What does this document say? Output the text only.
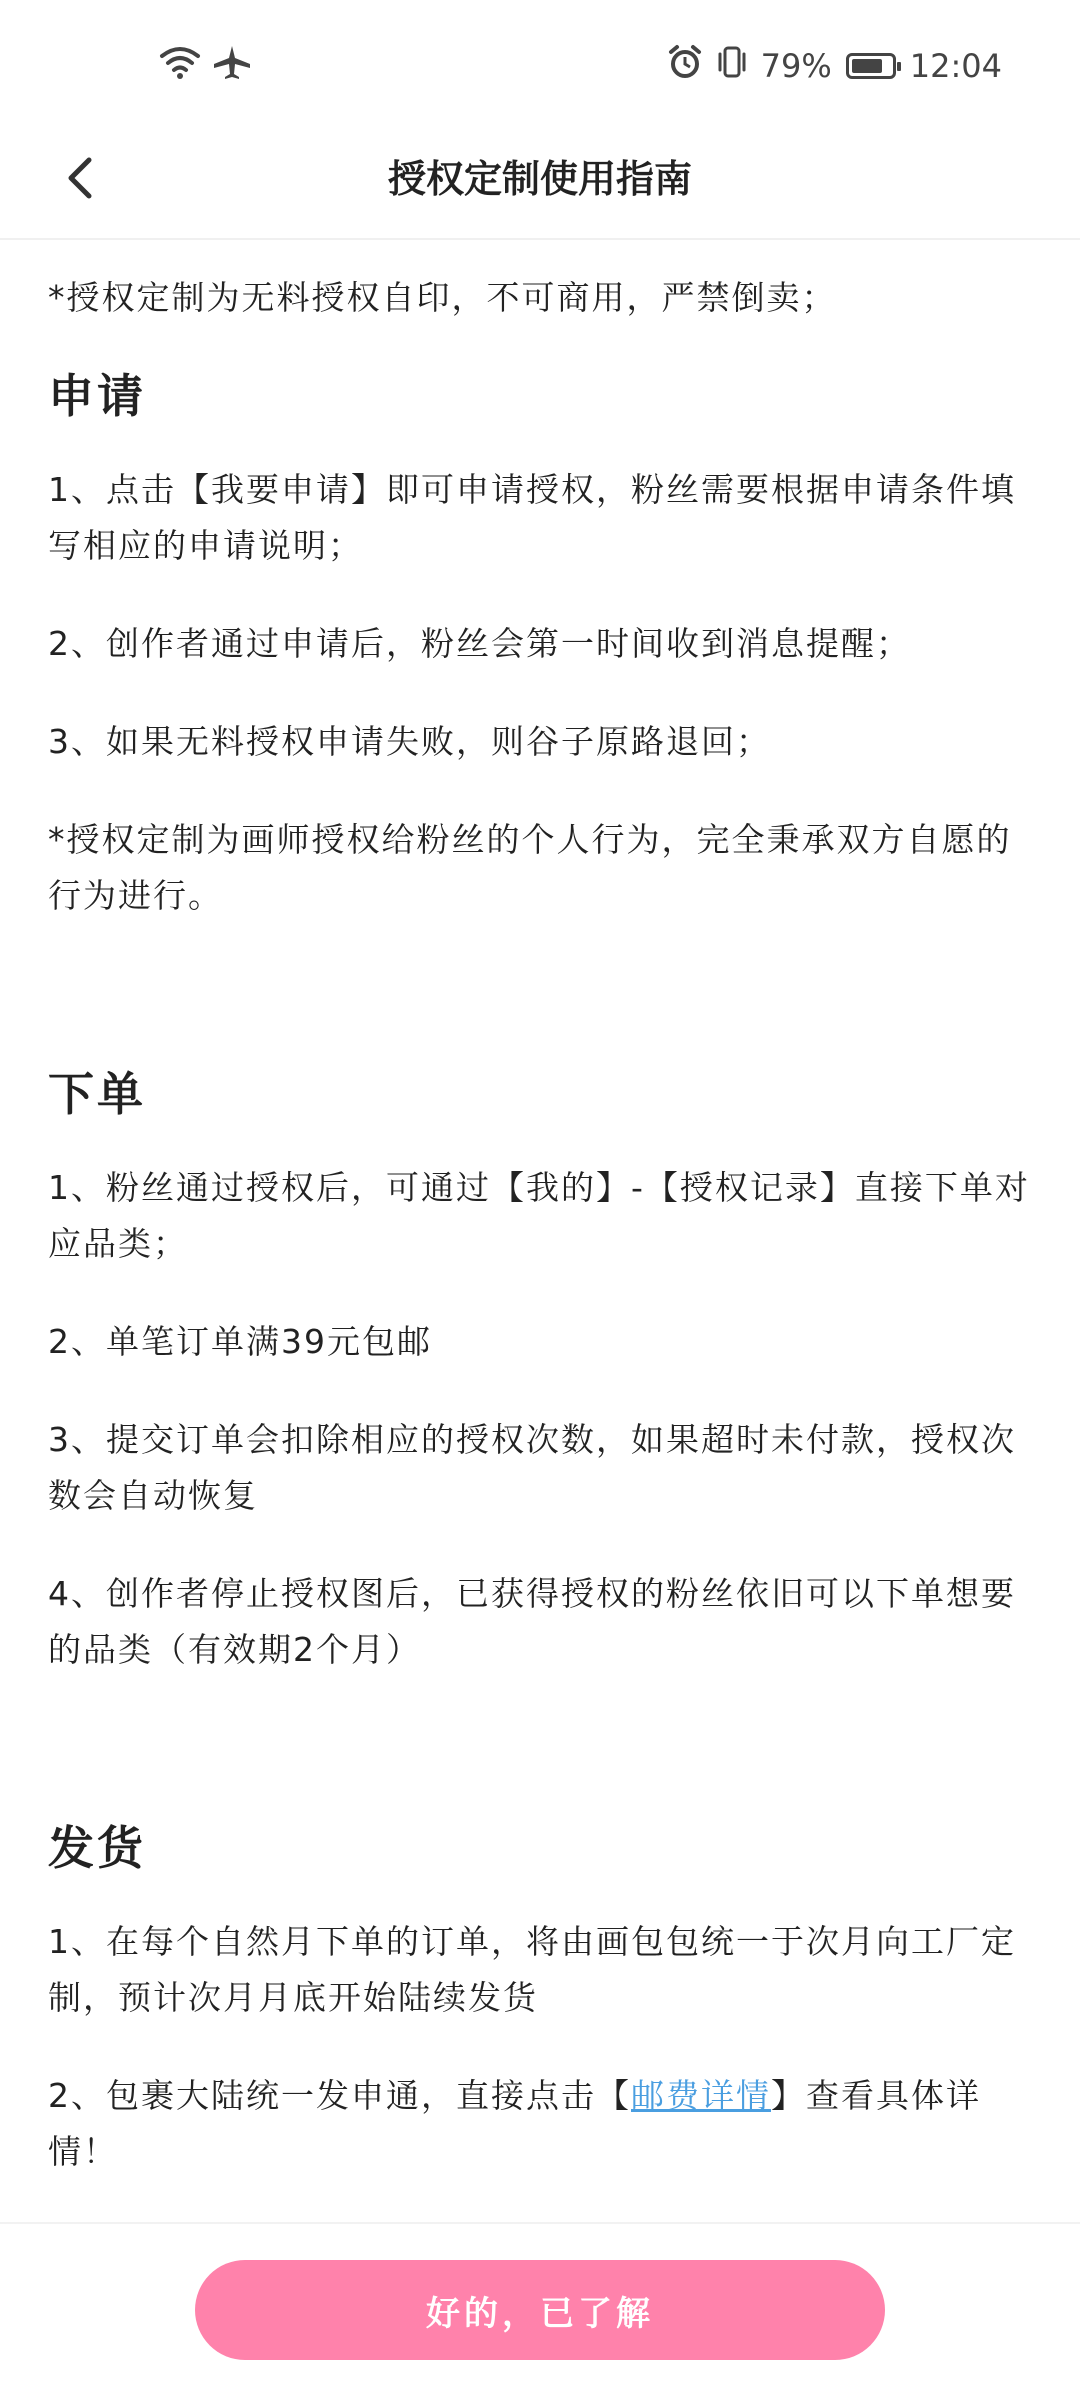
79% 12:04
授权定制使用指南

*授权定制为无料授权自印，不可商用，严禁倒卖；

申请

1、点击【我要申请】即可申请授权，粉丝需要根据申请条件填写相应的申请说明；

2、创作者通过申请后，粉丝会第一时间收到消息提醒；

3、如果无料授权申请失败，则谷子原路退回；

*授权定制为画师授权给粉丝的个人行为，完全秉承双方自愿的行为进行。

下单

1、粉丝通过授权后，可通过【我的】-【授权记录】直接下单对应品类；

2、单笔订单满39元包邮

3、提交订单会扣除相应的授权次数，如果超时未付款，授权次数会自动恢复

4、创作者停止授权图后，已获得授权的粉丝依旧可以下单想要的品类（有效期2个月）

发货

1、在每个自然月下单的订单，将由画包包统一于次月向工厂定制，预计次月月底开始陆续发货

2、包裹大陆统一发申通，直接点击【邮费详情】查看具体详情！

好的，已了解
